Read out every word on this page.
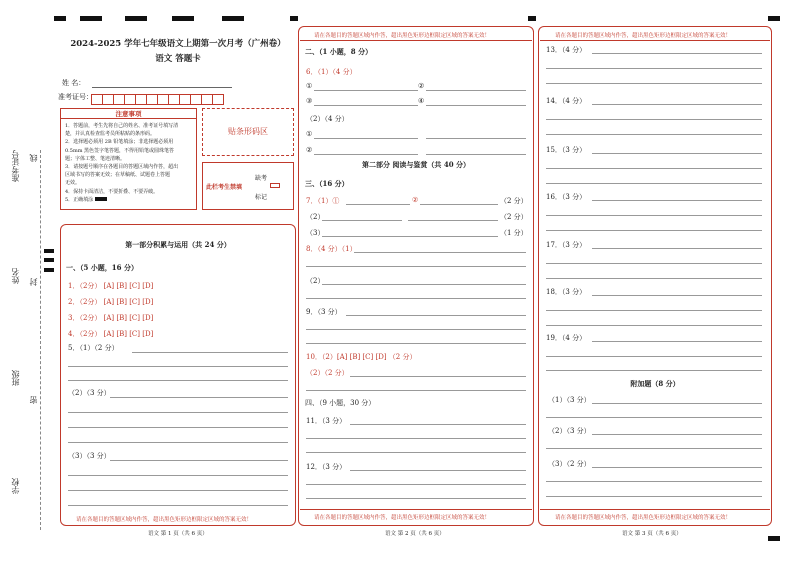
准考证号 线
姓名 封
班级
密
学校
2024-2025 学年七年级语文上期第一次月考（广州卷）
语文 答题卡
姓 名：
准考证号：
注意事项
1．答题前，考生先将自己的姓名、准考证号填写清
楚，并认真检查监考员所粘贴的条形码。
2．选择题必须用 2B 铅笔填涂；非选择题必须用
0.5mm 黑色签字笔答题，不得用铅笔或圆珠笔答
题；字体工整、笔迹清晰。
3．请按题号顺序在各题目的答题区域内作答，超出
区域书写的答案无效；在草稿纸、试题卷上答题
无效。
4．保持卡面清洁，不要折叠、不要弄破。
5．正确填涂
贴条形码区
此栏考生禁填
缺考
标记
第一部分积累与运用（共 24 分）
一、（5 小题，16 分）
1．（2分） [A] [B] [C] [D]
2．（2分） [A] [B] [C] [D]
3．（2分） [A] [B] [C] [D]
4．（2分） [A] [B] [C] [D]
5．（1）（2 分）
（2）（3 分）
（3）（3 分）
请在各题目的答题区域内作答，超出黑色矩形边框限定区域的答案无效！
语文 第 1 页（共 6 页）
请在各题目的答题区域内作答，超出黑色矩形边框限定区域的答案无效！
二、（1 小题，8 分）
6．（1）（4 分）
①	②
③	④
（2）（4 分）
①
②
第二部分 阅读与鉴赏（共 40 分）
三、（16 分）
7．（1）①	②	（2 分）
（2）	（2 分）
（3）	（1 分）
8．（4 分）（1）
（2）
9．（3 分）
10．（2）[A] [B] [C] [D] （2 分）
（2）（2 分）
四、（9 小题，30 分）
11．（3 分）
12．（3 分）
请在各题目的答题区域内作答，超出黑色矩形边框限定区域的答案无效！
语文 第 2 页（共 6 页）
请在各题目的答题区域内作答，超出黑色矩形边框限定区域的答案无效！
13．（4 分）
14．（4 分）
15．（3 分）
16．（3 分）
17．（3 分）
18．（3 分）
19．（4 分）
附加题（8 分）
（1）（3 分）
（2）（3 分）
（3）（2 分）
请在各题目的答题区域内作答，超出黑色矩形边框限定区域的答案无效！
语文 第 3 页（共 6 页）
